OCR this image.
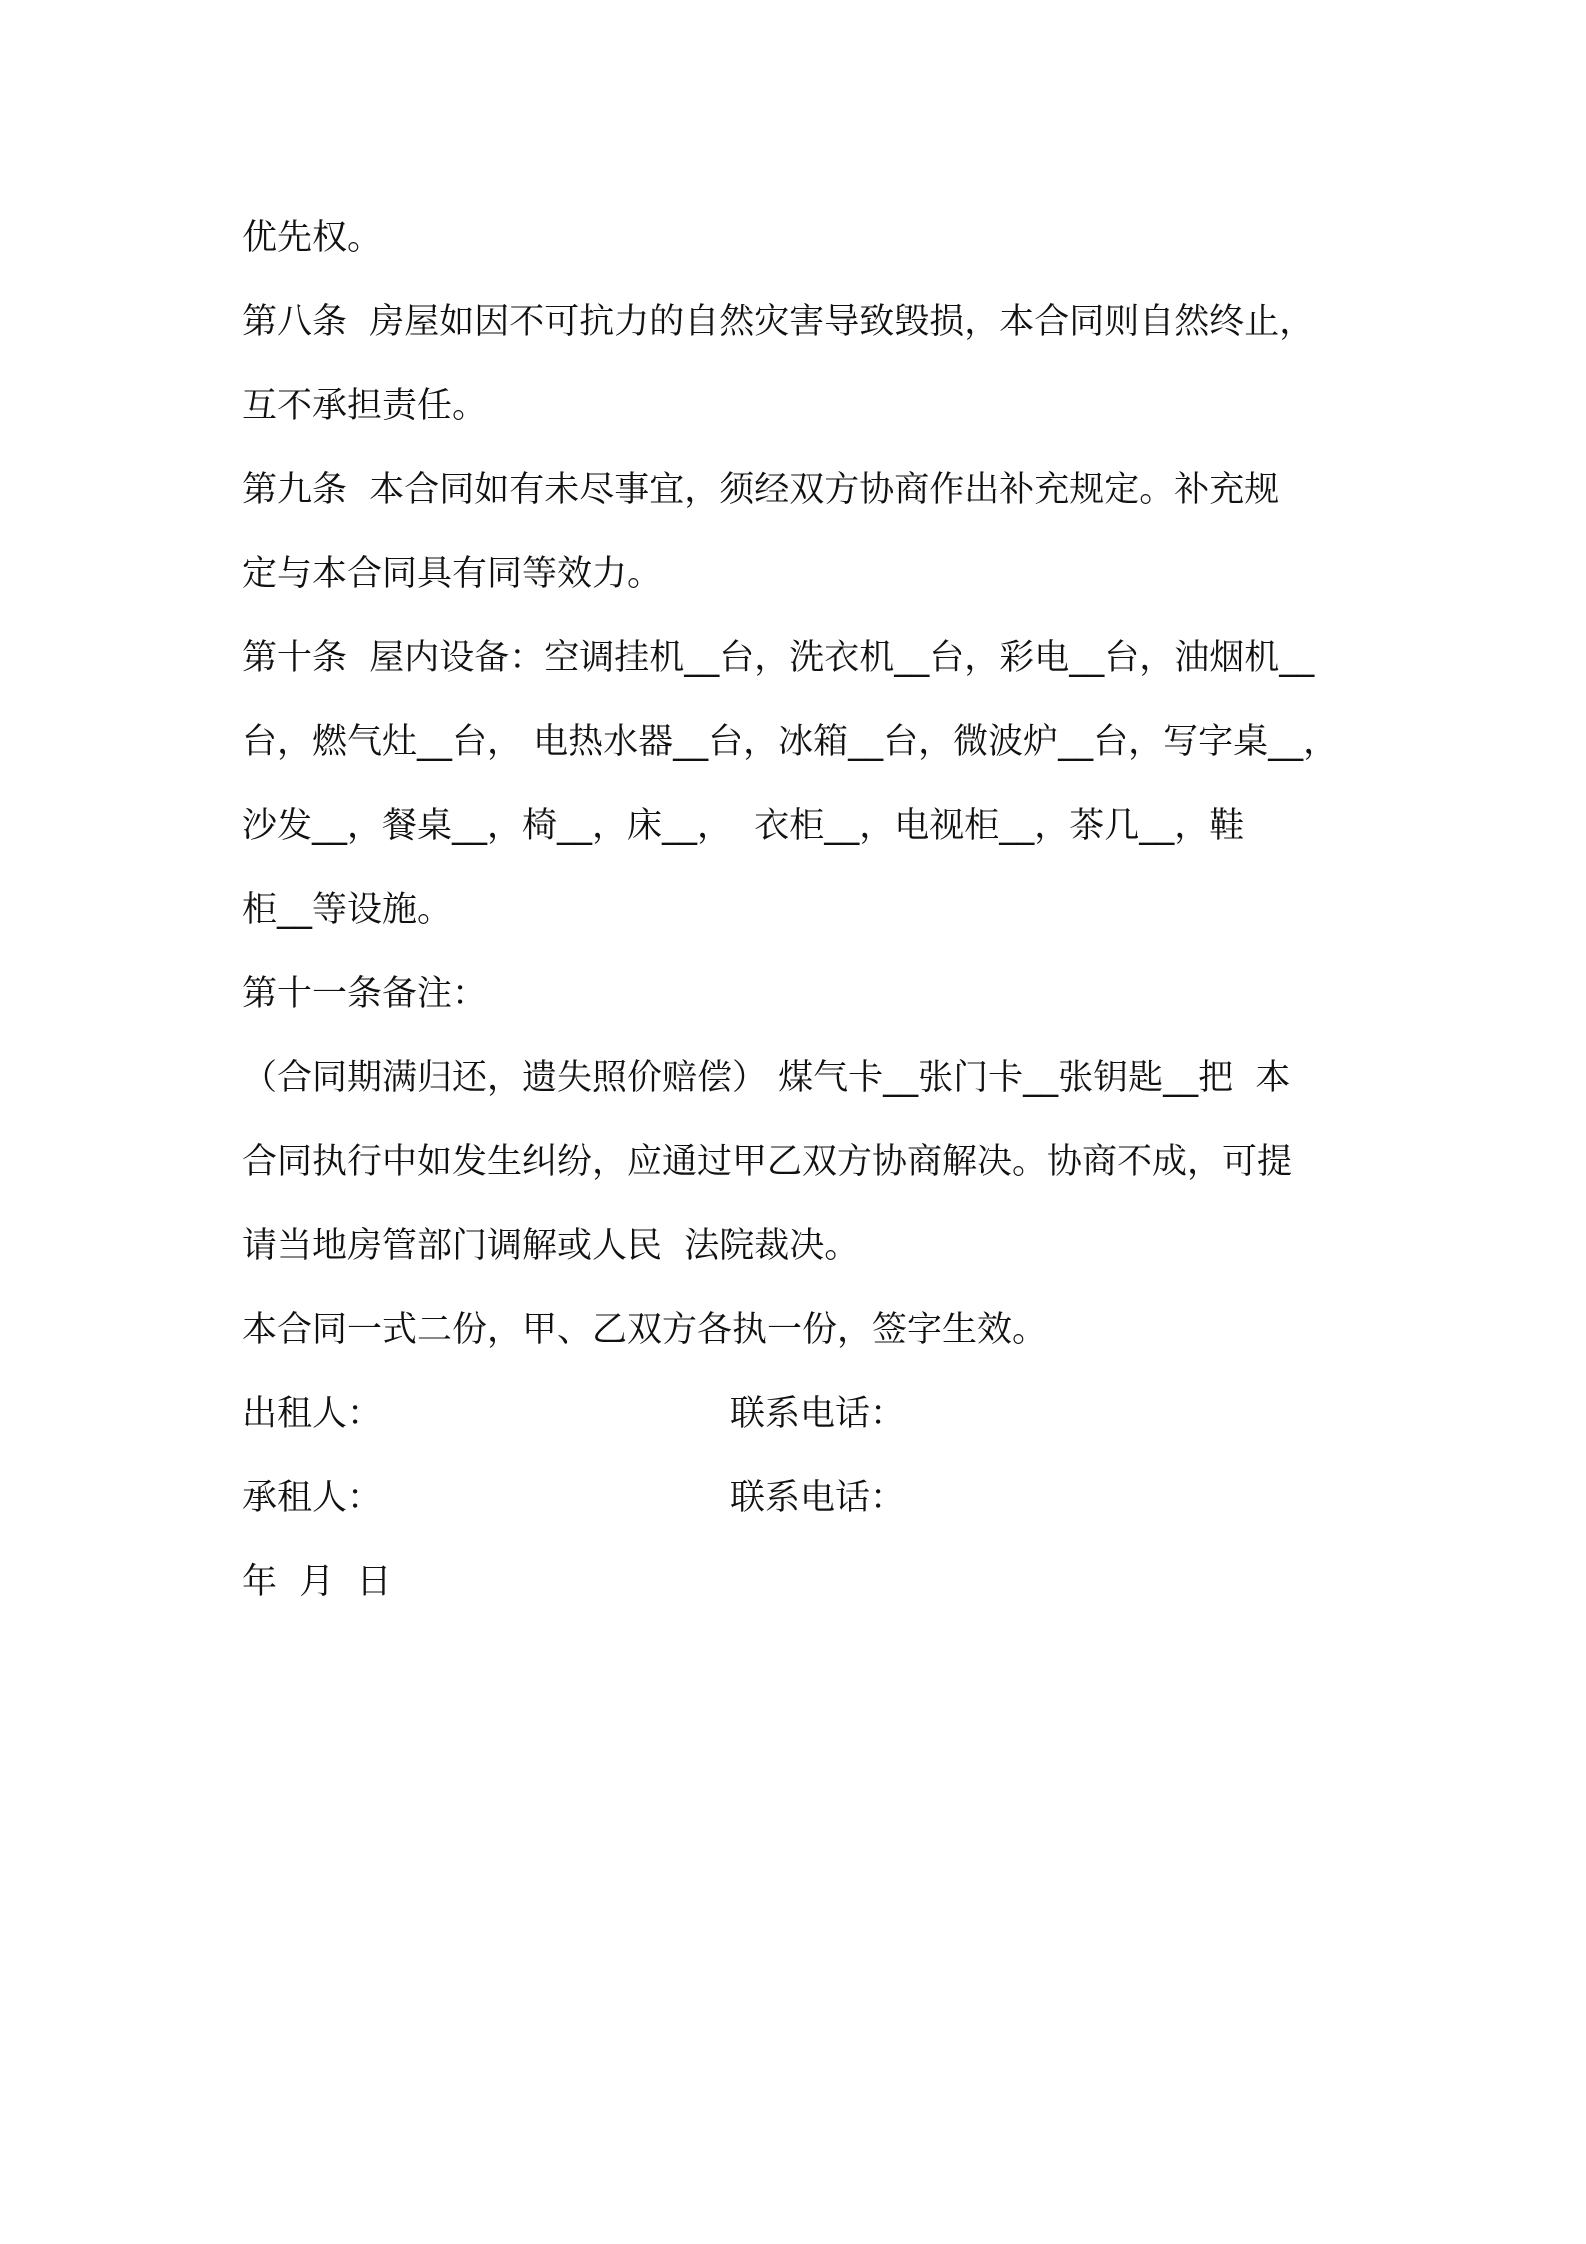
优先权。
第八条  房屋如因不可抗力的自然灾害导致毁损，本合同则自然终止，
互不承担责任。
第九条  本合同如有未尽事宜，须经双方协商作出补充规定。补充规
定与本合同具有同等效力。
第十条  屋内设备：空调挂机__台，洗衣机__台，彩电__台，油烟机__
台，燃气灶__台， 电热水器__台，冰箱__台，微波炉__台，写字桌__，
沙发__，餐桌__，椅__，床__，  衣柜__，电视柜__，茶几__，鞋
柜__等设施。
第十一条备注：
（合同期满归还，遗失照价赔偿） 煤气卡__张门卡__张钥匙__把  本
合同执行中如发生纠纷，应通过甲乙双方协商解决。协商不成，可提
请当地房管部门调解或人民  法院裁决。
本合同一式二份，甲、乙双方各执一份，签字生效。
出租人：	联系电话：
承租人：	联系电话：
年  月  日
